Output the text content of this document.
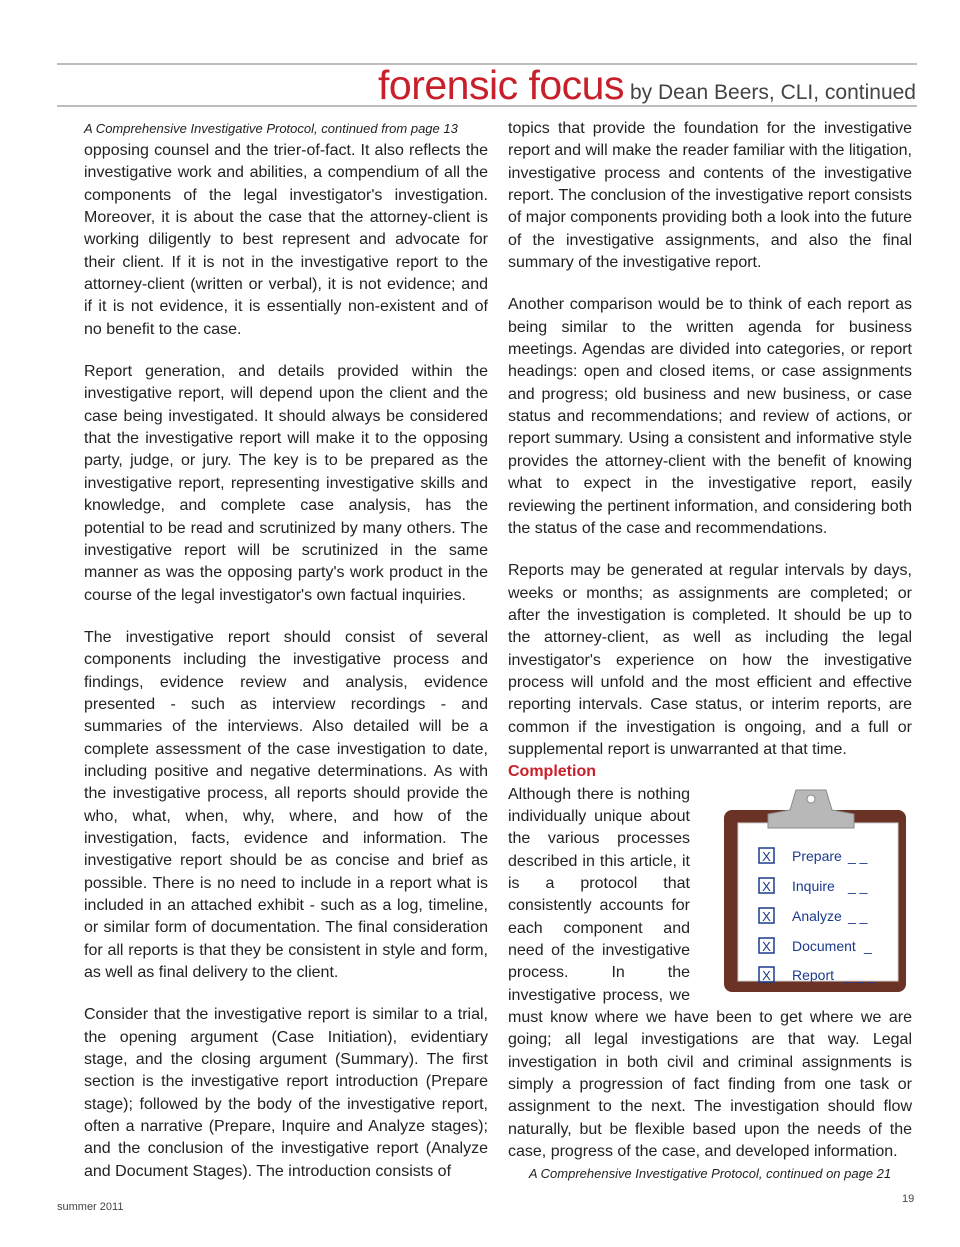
forensic focus by Dean Beers, CLI, continued

A Comprehensive Investigative Protocol, continued from page 13

opposing counsel and the trier-of-fact. It also reflects the investigative work and abilities, a compendium of all the components of the legal investigator's investigation. Moreover, it is about the case that the attorney-client is working diligently to best represent and advocate for their client. If it is not in the investigative report to the attorney-client (written or verbal), it is not evidence; and if it is not evidence, it is essentially non-existent and of no benefit to the case.

Report generation, and details provided within the investigative report, will depend upon the client and the case being investigated. It should always be considered that the investigative report will make it to the opposing party, judge, or jury. The key is to be prepared as the investigative report, representing investigative skills and knowledge, and complete case analysis, has the potential to be read and scrutinized by many others. The investigative report will be scrutinized in the same manner as was the opposing party's work product in the course of the legal investigator's own factual inquiries.

The investigative report should consist of several components including the investigative process and findings, evidence review and analysis, evidence presented - such as interview recordings - and summaries of the interviews. Also detailed will be a complete assessment of the case investigation to date, including positive and negative determinations. As with the investigative process, all reports should provide the who, what, when, why, where, and how of the investigation, facts, evidence and information. The investigative report should be as concise and brief as possible. There is no need to include in a report what is included in an attached exhibit - such as a log, timeline, or similar form of documentation. The final consideration for all reports is that they be consistent in style and form, as well as final delivery to the client.

Consider that the investigative report is similar to a trial, the opening argument (Case Initiation), evidentiary stage, and the closing argument (Summary). The first section is the investigative report introduction (Prepare stage); followed by the body of the investigative report, often a narrative (Prepare, Inquire and Analyze stages); and the conclusion of the investigative report (Analyze and Document Stages). The introduction consists of

topics that provide the foundation for the investigative report and will make the reader familiar with the litigation, investigative process and contents of the investigative report. The conclusion of the investigative report consists of major components providing both a look into the future of the investigative assignments, and also the final summary of the investigative report.

Another comparison would be to think of each report as being similar to the written agenda for business meetings. Agendas are divided into categories, or report headings: open and closed items, or case assignments and progress; old business and new business, or case status and recommendations; and review of actions, or report summary. Using a consistent and informative style provides the attorney-client with the benefit of knowing what to expect in the investigative report, easily reviewing the pertinent information, and considering both the status of the case and recommendations.

Reports may be generated at regular intervals by days, weeks or months; as assignments are completed; or after the investigation is completed. It should be up to the attorney-client, as well as including the legal investigator's experience on how the investigative process will unfold and the most efficient and effective reporting intervals. Case status, or interim reports, are common if the investigation is ongoing, and a full or supplemental report is unwarranted at that time.

Completion

X Prepare _ _
X Inquire _ _
X Analyze _ _
X Document _
X Report _ _ _

Although there is nothing individually unique about the various processes described in this article, it is a protocol that consistently accounts for each component and need of the investigative process. In the investigative process, we must know where we have been to get where we are going; all legal investigations are that way. Legal investigation in both civil and criminal assignments is simply a progression of fact finding from one task or assignment to the next. The investigation should flow naturally, but be flexible based upon the needs of the case, progress of the case, and developed information.

A Comprehensive Investigative Protocol, continued on page 21

summer 2011
19
